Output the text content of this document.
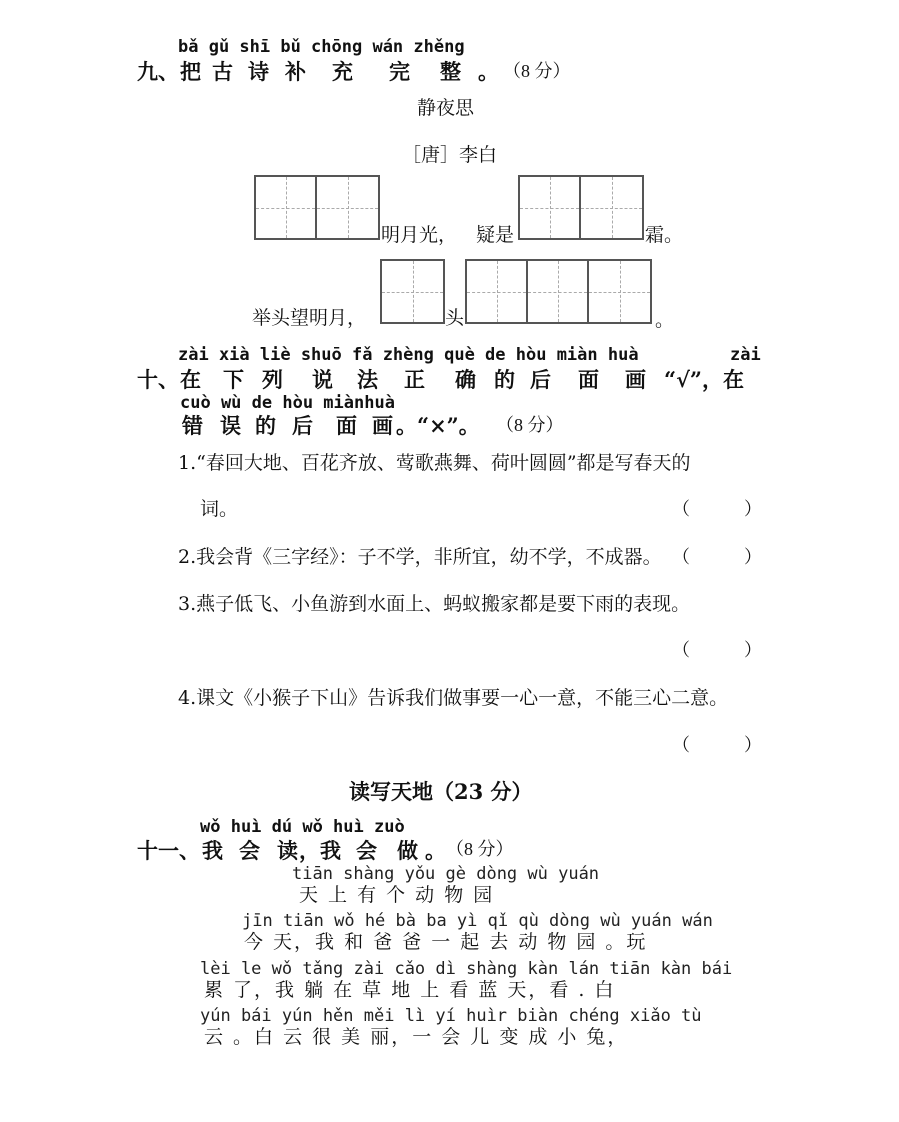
bǎ gǔ shī bǔ chōng wán zhěng
九、 把 古 诗 补 充 完 整 。 （8 分）
静夜思
［唐］李白
明月光， 疑是	霜。
举头望明月，	头	。
zài xià liè shuō fǎ zhèng què de hòu miàn huà	zài
十、 在 下 列 说 法 正 确 的 后 面 画 “√”，在
cuò wù de hòu miànhuà
错 误 的 后 面 画 。“×”。 （8 分）
1.“春回大地、百花齐放、莺歌燕舞、荷叶圆圆”都是写春天的
词。	（　　　）
2.我会背《三字经》：子不学，非所宜，幼不学，不成器。 （　　　）
3.燕子低飞、小鱼游到水面上、蚂蚁搬家都是要下雨的表现。
（　　　）
4.课文《小猴子下山》告诉我们做事要一心一意，不能三心二意。
（　　　）
读写天地（23 分）
wǒ huì dú wǒ huì zuò
十一、 我 会 读 ，我 会 做 。 （8 分）
tiān shàng yǒu gè dòng wù yuán
天 上 有 个 动 物 园
jīn tiān wǒ hé bà ba yì qǐ qù dòng wù yuán wán
今 天，我 和 爸 爸 一 起 去 动 物 园 。玩
lèi le wǒ tǎng zài cǎo dì shàng kàn lán tiān kàn bái
累 了，我 躺 在 草 地 上 看 蓝 天，看 . 白
yún bái yún hěn měi lì yí huìr biàn chéng xiǎo tù
云 。白 云 很 美 丽，一 会 儿 变 成 小 兔，
